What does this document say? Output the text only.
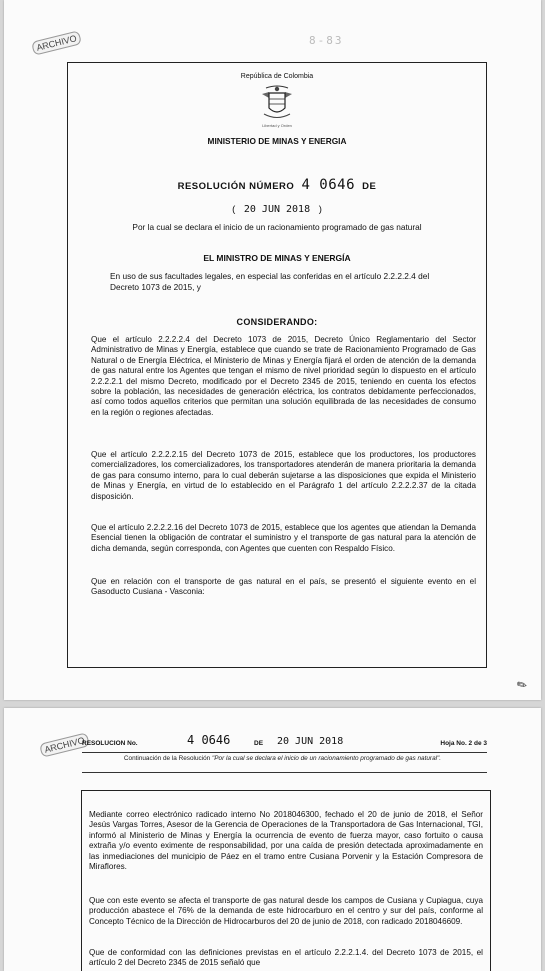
ARCHIVO	8-83
República de Colombia
Libertad y Orden
MINISTERIO DE MINAS Y ENERGIA
RESOLUCIÓN NÚMERO 4 0646 DE
( 20 JUN 2018 )
Por la cual se declara el inicio de un racionamiento programado de gas natural
EL MINISTRO DE MINAS Y ENERGÍA
En uso de sus facultades legales, en especial las conferidas en el artículo 2.2.2.2.4 del Decreto 1073 de 2015, y
CONSIDERANDO:
Que el artículo 2.2.2.2.4 del Decreto 1073 de 2015, Decreto Único Reglamentario del Sector Administrativo de Minas y Energía, establece que cuando se trate de Racionamiento Programado de Gas Natural o de Energía Eléctrica, el Ministerio de Minas y Energía fijará el orden de atención de la demanda de gas natural entre los Agentes que tengan el mismo de nivel prioridad según lo dispuesto en el artículo 2.2.2.2.1 del mismo Decreto, modificado por el Decreto 2345 de 2015, teniendo en cuenta los efectos sobre la población, las necesidades de generación eléctrica, los contratos debidamente perfeccionados, así como todos aquellos criterios que permitan una solución equilibrada de las necesidades de consumo en la región o regiones afectadas.
Que el artículo 2.2.2.2.15 del Decreto 1073 de 2015, establece que los productores, los productores comercializadores, los comercializadores, los transportadores atenderán de manera prioritaria la demanda de gas para consumo interno, para lo cual deberán sujetarse a las disposiciones que expida el Ministerio de Minas y Energía, en virtud de lo establecido en el Parágrafo 1 del artículo 2.2.2.2.37 de la citada disposición.
Que el artículo 2.2.2.2.16 del Decreto 1073 de 2015, establece que los agentes que atiendan la Demanda Esencial tienen la obligación de contratar el suministro y el transporte de gas natural para la atención de dicha demanda, según corresponda, con Agentes que cuenten con Respaldo Físico.
Que en relación con el transporte de gas natural en el país, se presentó el siguiente evento en el Gasoducto Cusiana - Vasconia:
✎
ARCHIVO
RESOLUCION No.	4 0646	DE 20 JUN 2018	Hoja No. 2 de 3
Continuación de la Resolución "Por la cual se declara el inicio de un racionamiento programado de gas natural".
Mediante correo electrónico radicado interno No 2018046300, fechado el 20 de junio de 2018, el Señor Jesús Vargas Torres, Asesor de la Gerencia de Operaciones de la Transportadora de Gas Internacional, TGI, informó al Ministerio de Minas y Energía la ocurrencia de evento de fuerza mayor, caso fortuito o causa extraña y/o evento eximente de responsabilidad, por una caída de presión detectada aproximadamente en las inmediaciones del municipio de Páez en el tramo entre Cusiana Porvenir y la Estación Compresora de Miraflores.
Que con este evento se afecta el transporte de gas natural desde los campos de Cusiana y Cupiagua, cuya producción abastece el 76% de la demanda de este hidrocarburo en el centro y sur del país, conforme al Concepto Técnico de la Dirección de Hidrocarburos del 20 de junio de 2018, con radicado 2018046609.
Que de conformidad con las definiciones previstas en el artículo 2.2.2.1.4. del Decreto 1073 de 2015, el artículo 2 del Decreto 2345 de 2015 señaló que
